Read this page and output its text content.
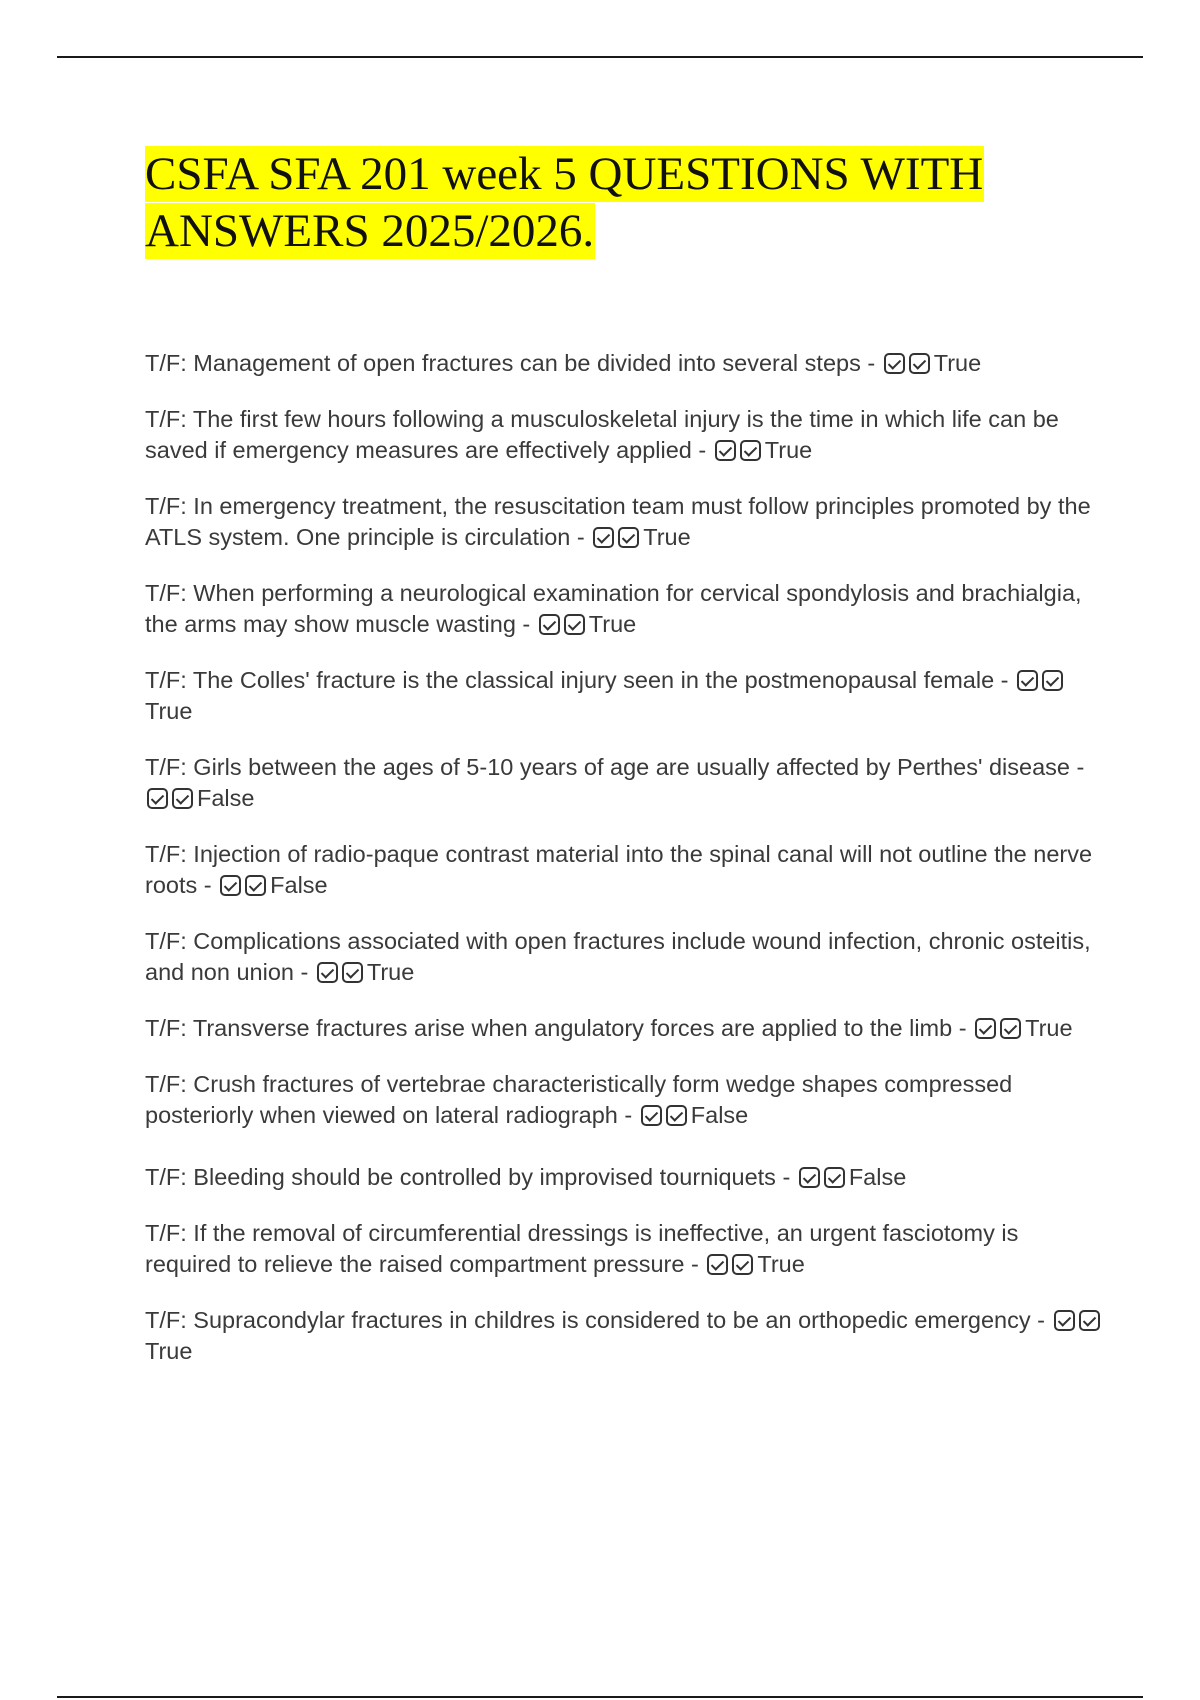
CSFA SFA 201 week 5 QUESTIONS WITH ANSWERS 2025/2026.
T/F: Management of open fractures can be divided into several steps - True
T/F: The first few hours following a musculoskeletal injury is the time in which life can be saved if emergency measures are effectively applied - True
T/F: In emergency treatment, the resuscitation team must follow principles promoted by the ATLS system. One principle is circulation - True
T/F: When performing a neurological examination for cervical spondylosis and brachialgia, the arms may show muscle wasting - True
T/F: The Colles' fracture is the classical injury seen in the postmenopausal female - True
T/F: Girls between the ages of 5-10 years of age are usually affected by Perthes' disease - False
T/F: Injection of radio-paque contrast material into the spinal canal will not outline the nerve roots - False
T/F: Complications associated with open fractures include wound infection, chronic osteitis, and non union - True
T/F: Transverse fractures arise when angulatory forces are applied to the limb - True
T/F: Crush fractures of vertebrae characteristically form wedge shapes compressed posteriorly when viewed on lateral radiograph - False
T/F: Bleeding should be controlled by improvised tourniquets - False
T/F: If the removal of circumferential dressings is ineffective, an urgent fasciotomy is required to relieve the raised compartment pressure - True
T/F: Supracondylar fractures in childres is considered to be an orthopedic emergency - True
